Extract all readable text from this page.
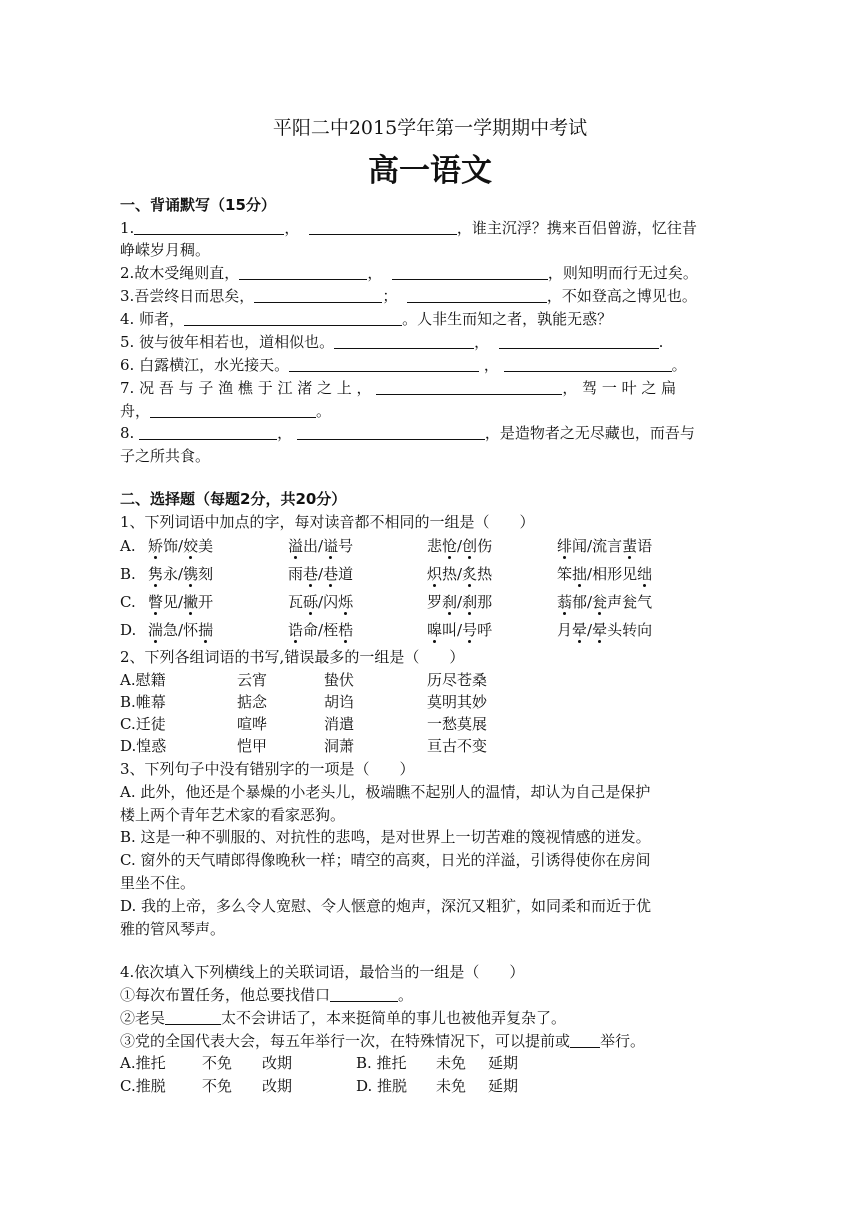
平阳二中2015学年第一学期期中考试
高一语文
一、背诵默写（15分）
1.	，	，谁主沉浮？携来百侣曾游，忆往昔
峥嵘岁月稠。
2.故木受绳则直，	，	，则知明而行无过矣。
3.吾尝终日而思矣，	；	，不如登高之博见也。
4. 师者，	。人非生而知之者，孰能无惑？
5. 彼与彼年相若也，道相似也。	，	.
6. 白露横江，水光接天。	，	。
7. 况 吾 与 子 渔 樵 于 江 渚 之 上 ，	， 驾 一 叶 之 扁
舟，	。
8.	，	，是造物者之无尽藏也，而吾与
子之所共食。
二、选择题（每题2分，共20分）
1、下列词语中加点的字，每对读音都不相同的一组是（　　）
A. 矫饰/姣美	溢出/谥号	悲怆/创伤	绯闻/流言蜚语
B. 隽永/镌刻	雨巷/巷道	炽热/炙热	笨拙/相形见绌
C. 瞥见/撇开	瓦砾/闪烁	罗刹/刹那	蓊郁/瓮声瓮气
D. 湍急/怀揣	诰命/桎梏	嗥叫/号呼	月晕/晕头转向
2、下列各组词语的书写,错误最多的一组是（　　）
A.慰籍	云宵	蛰伏	历尽苍桑
B.帷幕	掂念	胡诌	莫明其妙
C.迁徒	喧哗	消遣	一愁莫展
D.惶惑	恺甲	洞萧	亘古不变
3、下列句子中没有错别字的一项是（　　）
A. 此外，他还是个暴燥的小老头儿，极端瞧不起别人的温情，却认为自己是保护
楼上两个青年艺术家的看家恶狗。
B. 这是一种不驯服的、对抗性的悲鸣，是对世界上一切苦难的篾视情感的迸发。
C. 窗外的天气晴郎得像晚秋一样；晴空的高爽，日光的洋溢，引诱得使你在房间
里坐不住。
D. 我的上帝，多么令人宽慰、令人惬意的炮声，深沉又粗犷，如同柔和而近于优
雅的管风琴声。
4.依次填入下列横线上的关联词语，最恰当的一组是（　　）
①每次布置任务，他总要找借口	。
②老吴	太不会讲话了，本来挺简单的事儿也被他弄复杂了。
③党的全国代表大会，每五年举行一次，在特殊情况下，可以提前或 举行。
A.推托 不免 改期	B. 推托 未免 延期
C.推脱 不免 改期	D. 推脱 未免 延期
